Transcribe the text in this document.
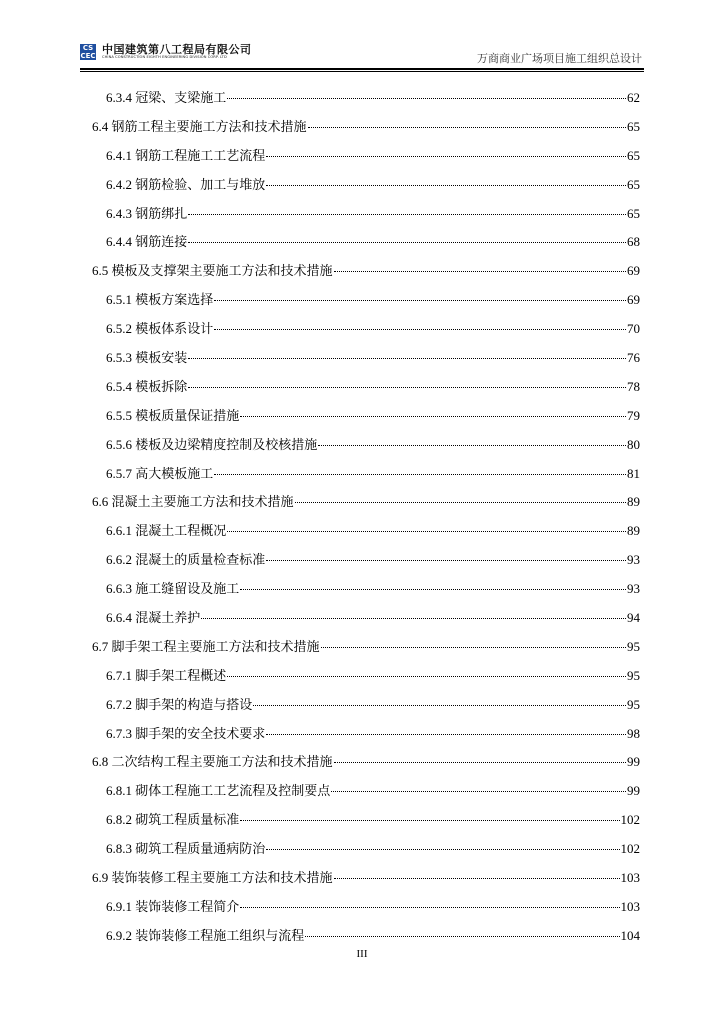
CS
CEC 中国建筑第八工程局有限公司
CHINA CONSTRUCTION EIGHTH ENGINEERING DIVISION CORP. LTD	万商商业广场项目施工组织总设计
6.3.4 冠梁、支梁施工	62
6.4 钢筋工程主要施工方法和技术措施	65
6.4.1 钢筋工程施工工艺流程	65
6.4.2 钢筋检验、加工与堆放	65
6.4.3 钢筋绑扎	65
6.4.4 钢筋连接	68
6.5 模板及支撑架主要施工方法和技术措施	69
6.5.1 模板方案选择	69
6.5.2 模板体系设计	70
6.5.3 模板安装	76
6.5.4 模板拆除	78
6.5.5 模板质量保证措施	79
6.5.6 楼板及边梁精度控制及校核措施	80
6.5.7 高大模板施工	81
6.6 混凝土主要施工方法和技术措施	89
6.6.1 混凝土工程概况	89
6.6.2 混凝土的质量检查标准	93
6.6.3 施工缝留设及施工	93
6.6.4 混凝土养护	94
6.7 脚手架工程主要施工方法和技术措施	95
6.7.1 脚手架工程概述	95
6.7.2 脚手架的构造与搭设	95
6.7.3 脚手架的安全技术要求	98
6.8 二次结构工程主要施工方法和技术措施	99
6.8.1 砌体工程施工工艺流程及控制要点	99
6.8.2 砌筑工程质量标准	102
6.8.3 砌筑工程质量通病防治	102
6.9 装饰装修工程主要施工方法和技术措施	103
6.9.1 装饰装修工程简介	103
6.9.2 装饰装修工程施工组织与流程	104
III
